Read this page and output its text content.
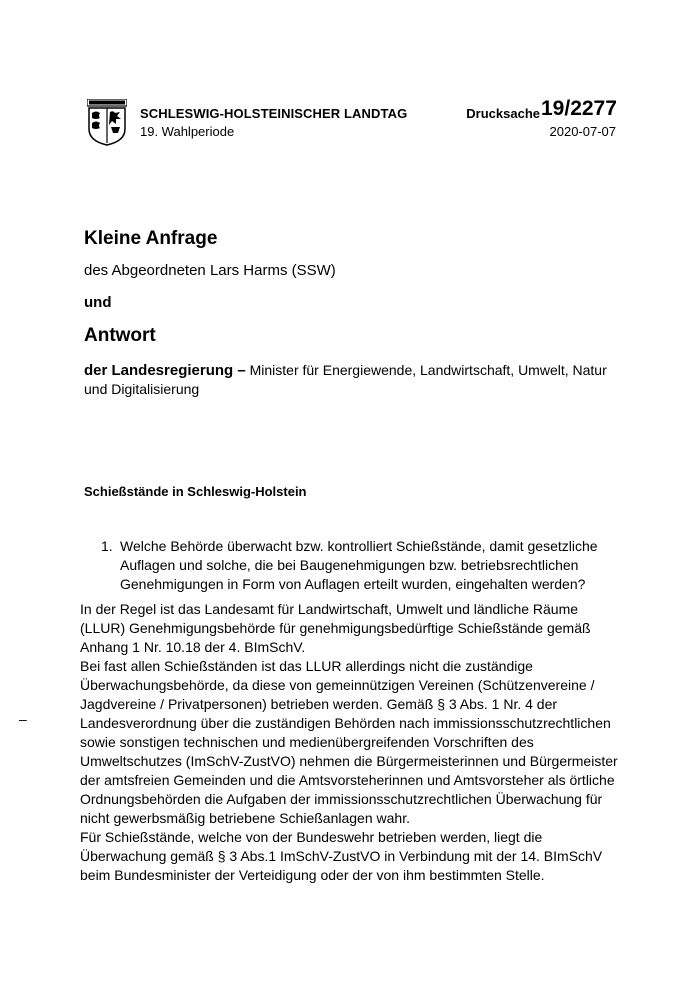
SCHLESWIG-HOLSTEINISCHER LANDTAG
19. Wahlperiode
Drucksache 19/2277
2020-07-07
Kleine Anfrage
des Abgeordneten Lars Harms (SSW)
und
Antwort
der Landesregierung – Minister für Energiewende, Landwirtschaft, Umwelt, Natur und Digitalisierung
Schießstände in Schleswig-Holstein
1. Welche Behörde überwacht bzw. kontrolliert Schießstände, damit gesetzliche Auflagen und solche, die bei Baugenehmigungen bzw. betriebsrechtlichen Genehmigungen in Form von Auflagen erteilt wurden, eingehalten werden?

In der Regel ist das Landesamt für Landwirtschaft, Umwelt und ländliche Räume (LLUR) Genehmigungsbehörde für genehmigungsbedürftige Schießstände gemäß Anhang 1 Nr. 10.18 der 4. BImSchV.

Bei fast allen Schießständen ist das LLUR allerdings nicht die zuständige Überwachungsbehörde, da diese von gemeinnützigen Vereinen (Schützenvereine / Jagdvereine / Privatpersonen) betrieben werden. Gemäß § 3 Abs. 1 Nr. 4 der Landesverordnung über die zuständigen Behörden nach immissionsschutzrechtlichen sowie sonstigen technischen und medienübergreifenden Vorschriften des Umweltschutzes (ImSchV-ZustVO) nehmen die Bürgermeisterinnen und Bürgermeister der amtsfreien Gemeinden und die Amtsvorsteherinnen und Amtsvorsteher als örtliche Ordnungsbehörden die Aufgaben der immissionsschutzrechtlichen Überwachung für nicht gewerbsmäßig betriebene Schießanlagen wahr.

Für Schießstände, welche von der Bundeswehr betrieben werden, liegt die Überwachung gemäß § 3 Abs.1 ImSchV-ZustVO in Verbindung mit der 14. BImSchV beim Bundesminister der Verteidigung oder der von ihm bestimmten Stelle.

–
